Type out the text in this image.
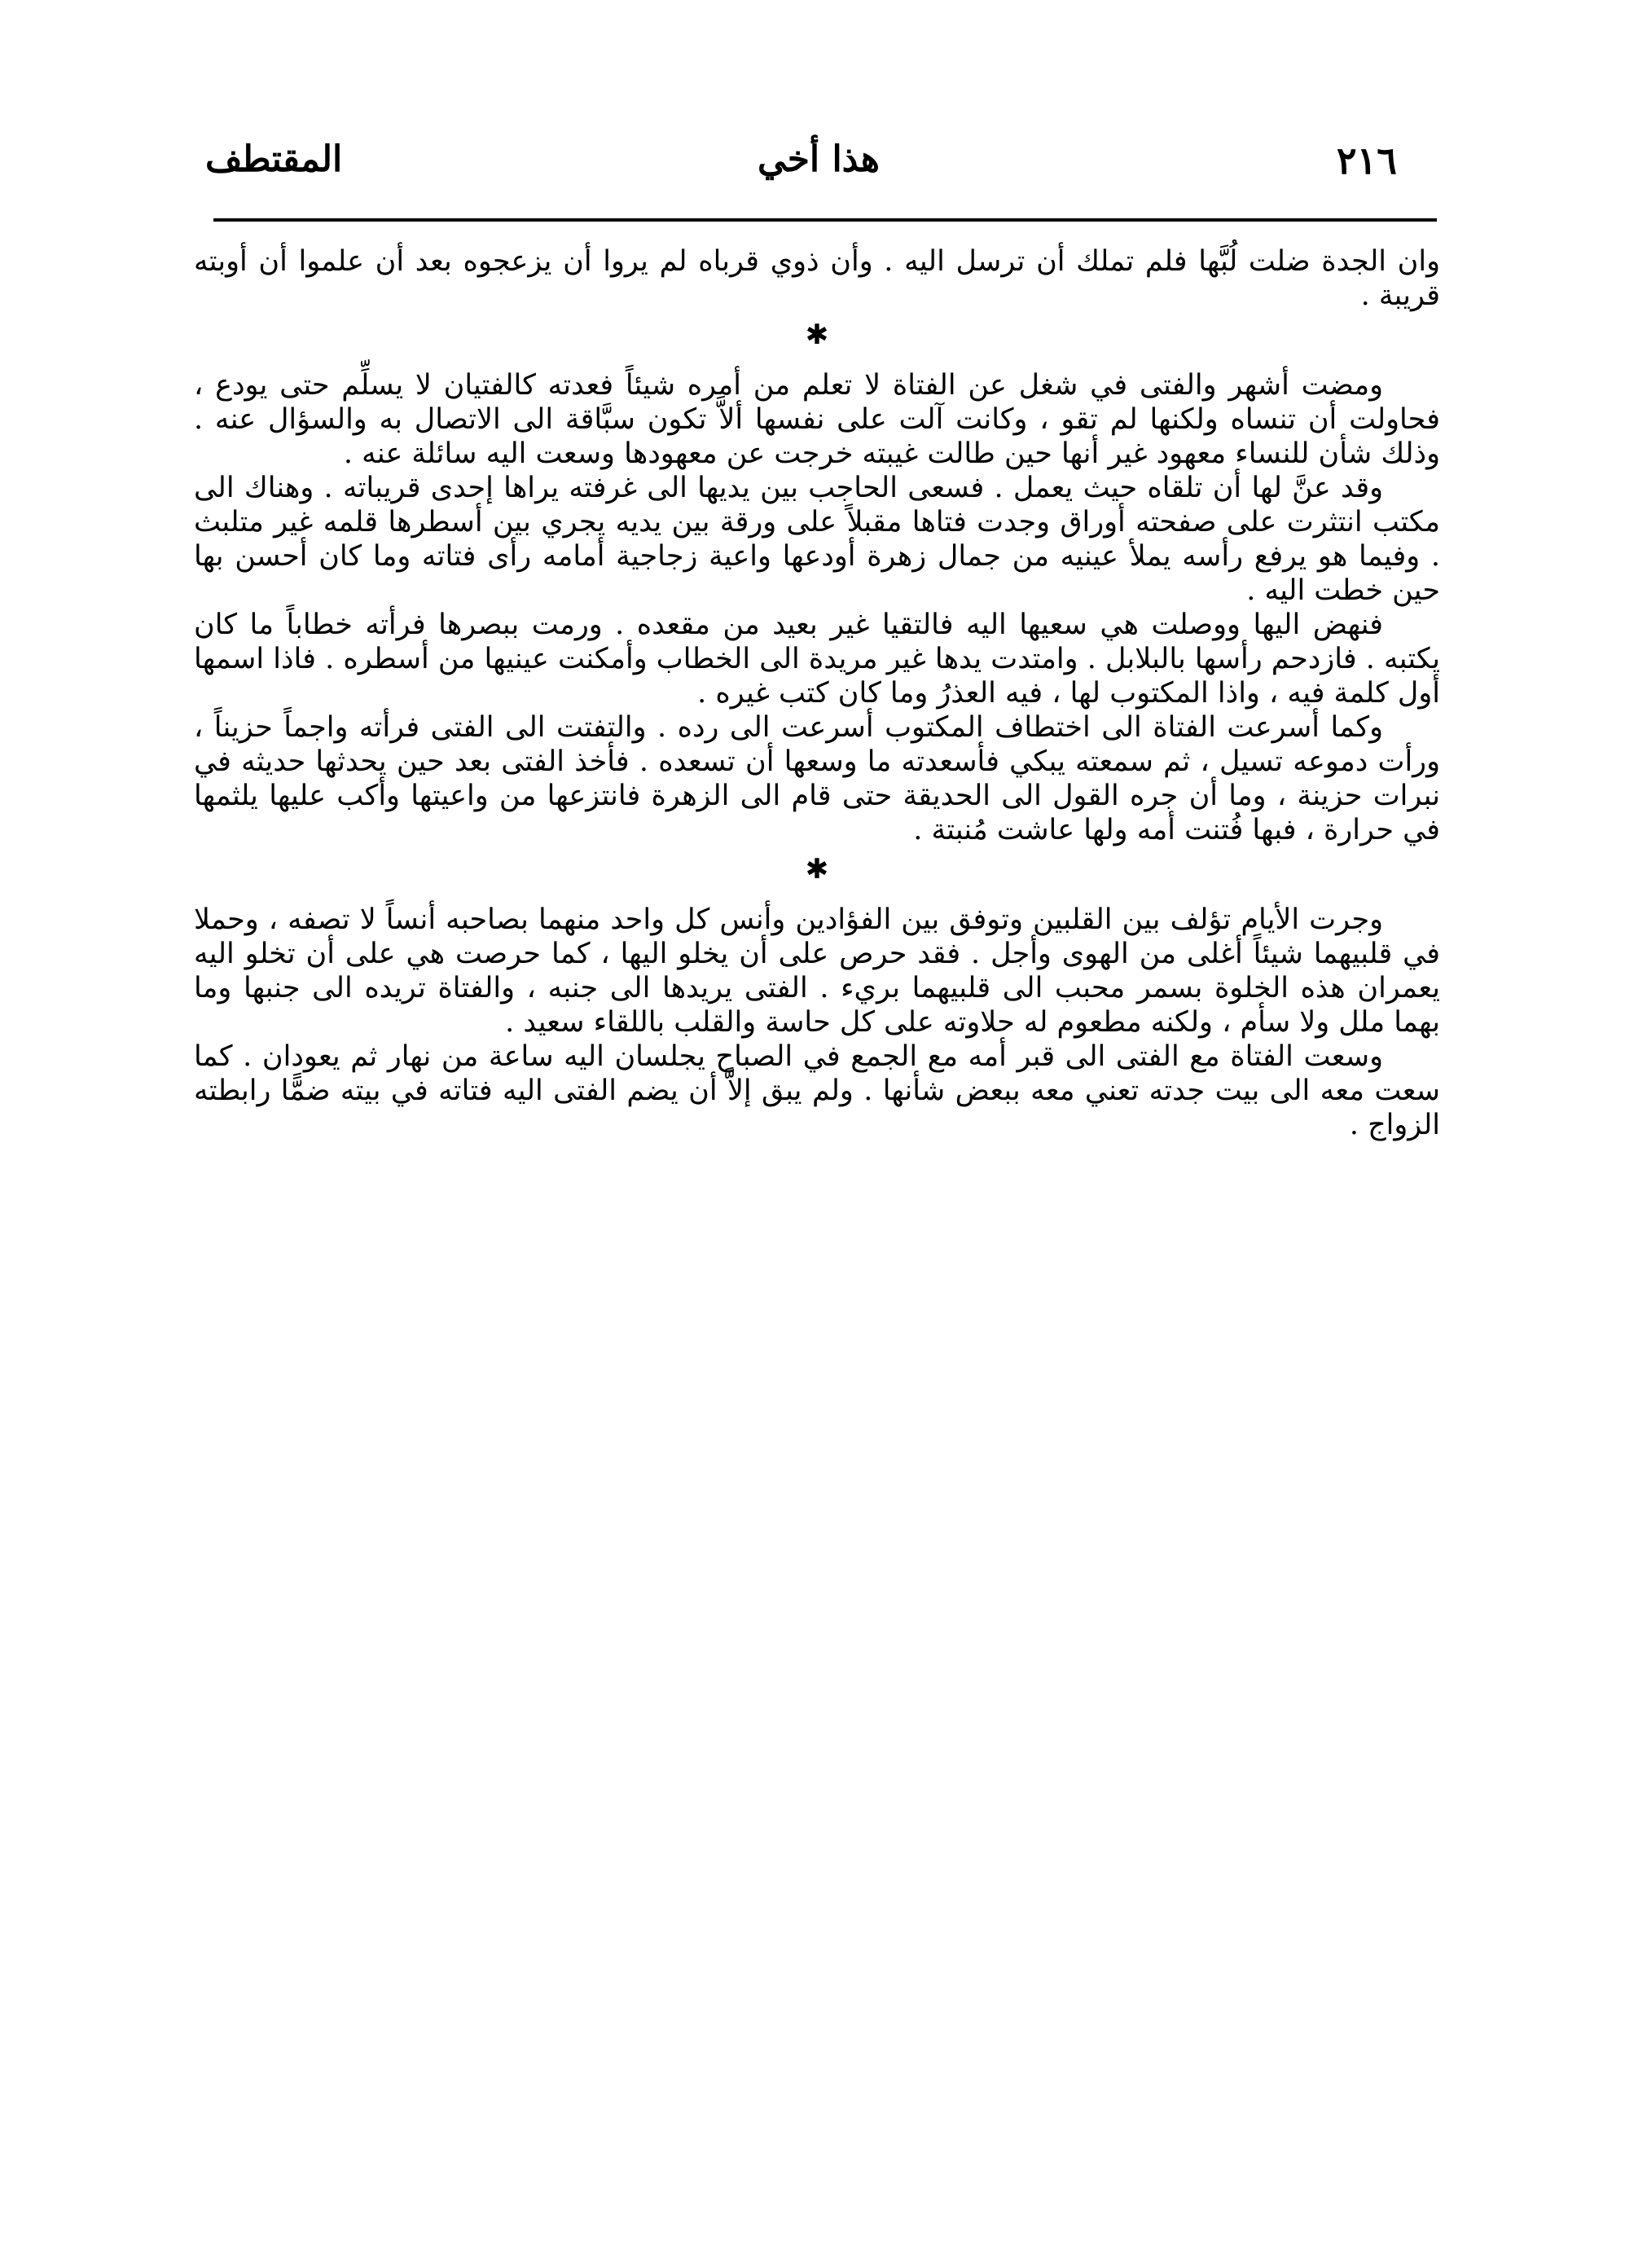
٢١٦
هذا أخي
المقتطف

وان الجدة ضلت لُبَّها فلم تملك أن ترسل اليه . وأن ذوي قرباه لم يروا أن يزعجوه بعد أن علموا أن أوبته قريبة .

✱

ومضت أشهر والفتى في شغل عن الفتاة لا تعلم من أمره شيئاً فعدته كالفتيان لا يسلِّم حتى يودع ، فحاولت أن تنساه ولكنها لم تقو ، وكانت آلت على نفسها ألاَّ تكون سبَّاقة الى الاتصال به والسؤال عنه . وذلك شأن للنساء معهود غير أنها حين طالت غيبته خرجت عن معهودها وسعت اليه سائلة عنه .

وقد عنَّ لها أن تلقاه حيث يعمل . فسعى الحاجب بين يديها الى غرفته يراها إحدى قريباته . وهناك الى مكتب انتثرت على صفحته أوراق وجدت فتاها مقبلاً على ورقة بين يديه يجري بين أسطرها قلمه غير متلبث . وفيما هو يرفع رأسه يملأ عينيه من جمال زهرة أودعها واعية زجاجية أمامه رأى فتاته وما كان أحسن بها حين خطت اليه .

فنهض اليها ووصلت هي سعيها اليه فالتقيا غير بعيد من مقعده . ورمت ببصرها فرأته خطاباً ما كان يكتبه . فازدحم رأسها بالبلابل . وامتدت يدها غير مريدة الى الخطاب وأمكنت عينيها من أسطره . فاذا اسمها أول كلمة فيه ، واذا المكتوب لها ، فيه العذرُ وما كان كتب غيره .

وكما أسرعت الفتاة الى اختطاف المكتوب أسرعت الى رده . والتفتت الى الفتى فرأته واجماً حزيناً ، ورأت دموعه تسيل ، ثم سمعته يبكي فأسعدته ما وسعها أن تسعده . فأخذ الفتى بعد حين يحدثها حديثه في نبرات حزينة ، وما أن جره القول الى الحديقة حتى قام الى الزهرة فانتزعها من واعيتها وأكب عليها يلثمها في حرارة ، فبها فُتنت أمه ولها عاشت مُنبتة .

✱

وجرت الأيام تؤلف بين القلبين وتوفق بين الفؤادين وأنس كل واحد منهما بصاحبه أنساً لا تصفه ، وحملا في قلبيهما شيئاً أغلى من الهوى وأجل . فقد حرص على أن يخلو اليها ، كما حرصت هي على أن تخلو اليه يعمران هذه الخلوة بسمر محبب الى قلبيهما بريء . الفتى يريدها الى جنبه ، والفتاة تريده الى جنبها وما بهما ملل ولا سأم ، ولكنه مطعوم له حلاوته على كل حاسة والقلب باللقاء سعيد .

وسعت الفتاة مع الفتى الى قبر أمه مع الجمع في الصباح يجلسان اليه ساعة من نهار ثم يعودان . كما سعت معه الى بيت جدته تعني معه ببعض شأنها . ولم يبق إلاَّ أن يضم الفتى اليه فتاته في بيته ضمًّا رابطته الزواج .
